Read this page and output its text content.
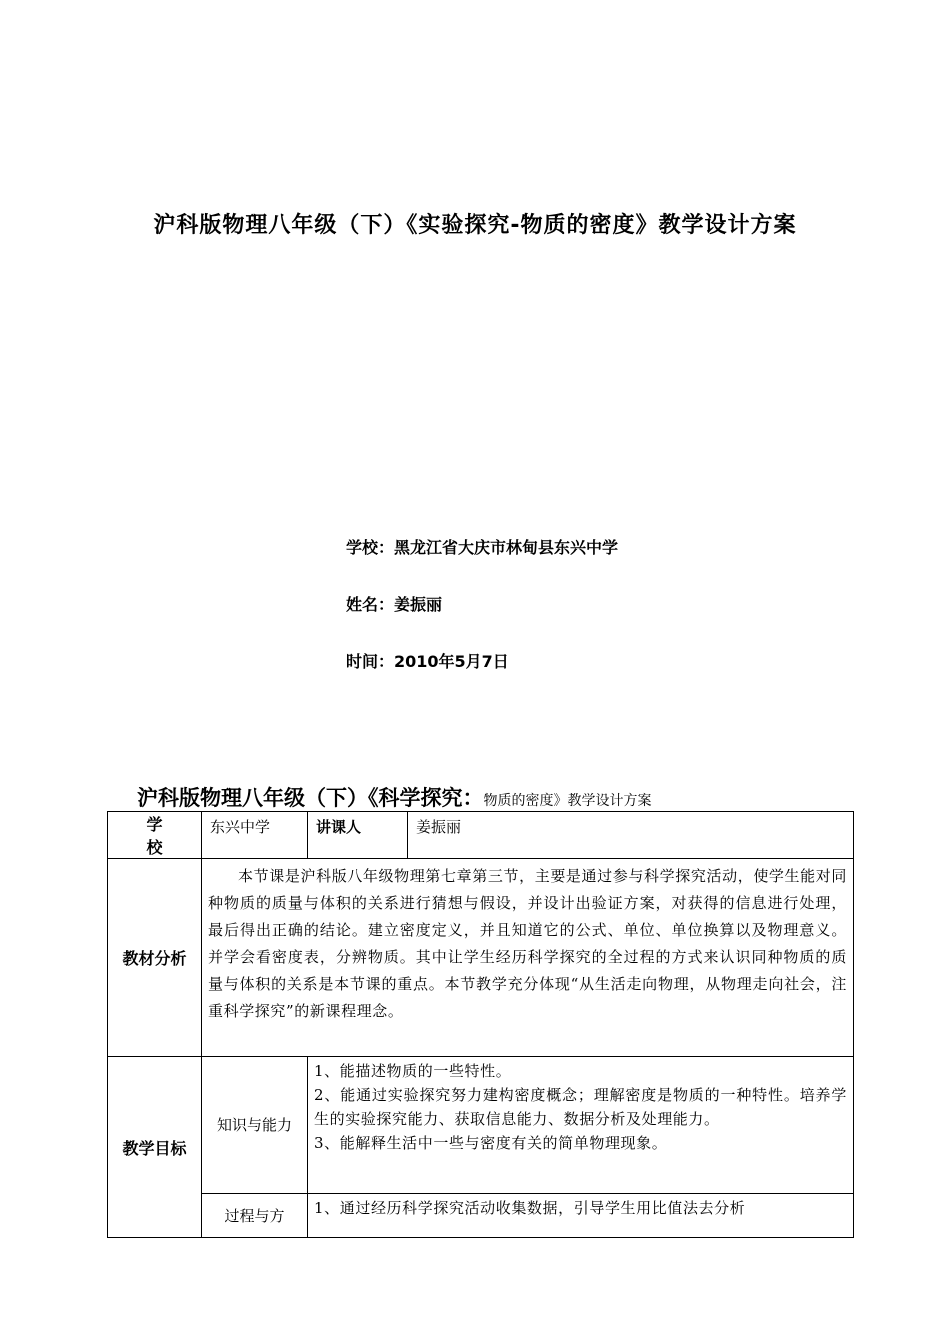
沪科版物理八年级（下）《实验探究-物质的密度》教学设计方案
学校：黑龙江省大庆市林甸县东兴中学
姓名：姜振丽
时间：2010年5月7日
沪科版物理八年级（下）《科学探究：物质的密度》教学设计方案
学 校	东兴中学	讲课人	姜振丽
教材分析	本节课是沪科版八年级物理第七章第三节，主要是通过参与科学探究活动，使学生能对同种物质的质量与体积的关系进行猜想与假设，并设计出验证方案，对获得的信息进行处理，最后得出正确的结论。建立密度定义，并且知道它的公式、单位、单位换算以及物理意义。并学会看密度表，分辨物质。其中让学生经历科学探究的全过程的方式来认识同种物质的质量与体积的关系是本节课的重点。本节教学充分体现“从生活走向物理，从物理走向社会，注重科学探究”的新课程理念。		
教学目标	知识与能力	1、能描述物质的一些特性。

2、能通过实验探究努力建构密度概念；理解密度是物质的一种特性。培养学生的实验探究能力、获取信息能力、数据分析及处理能力。

3、能解释生活中一些与密度有关的简单物理现象。	

	过程与方	1、通过经历科学探究活动收集数据，引导学生用比值法去分析	
